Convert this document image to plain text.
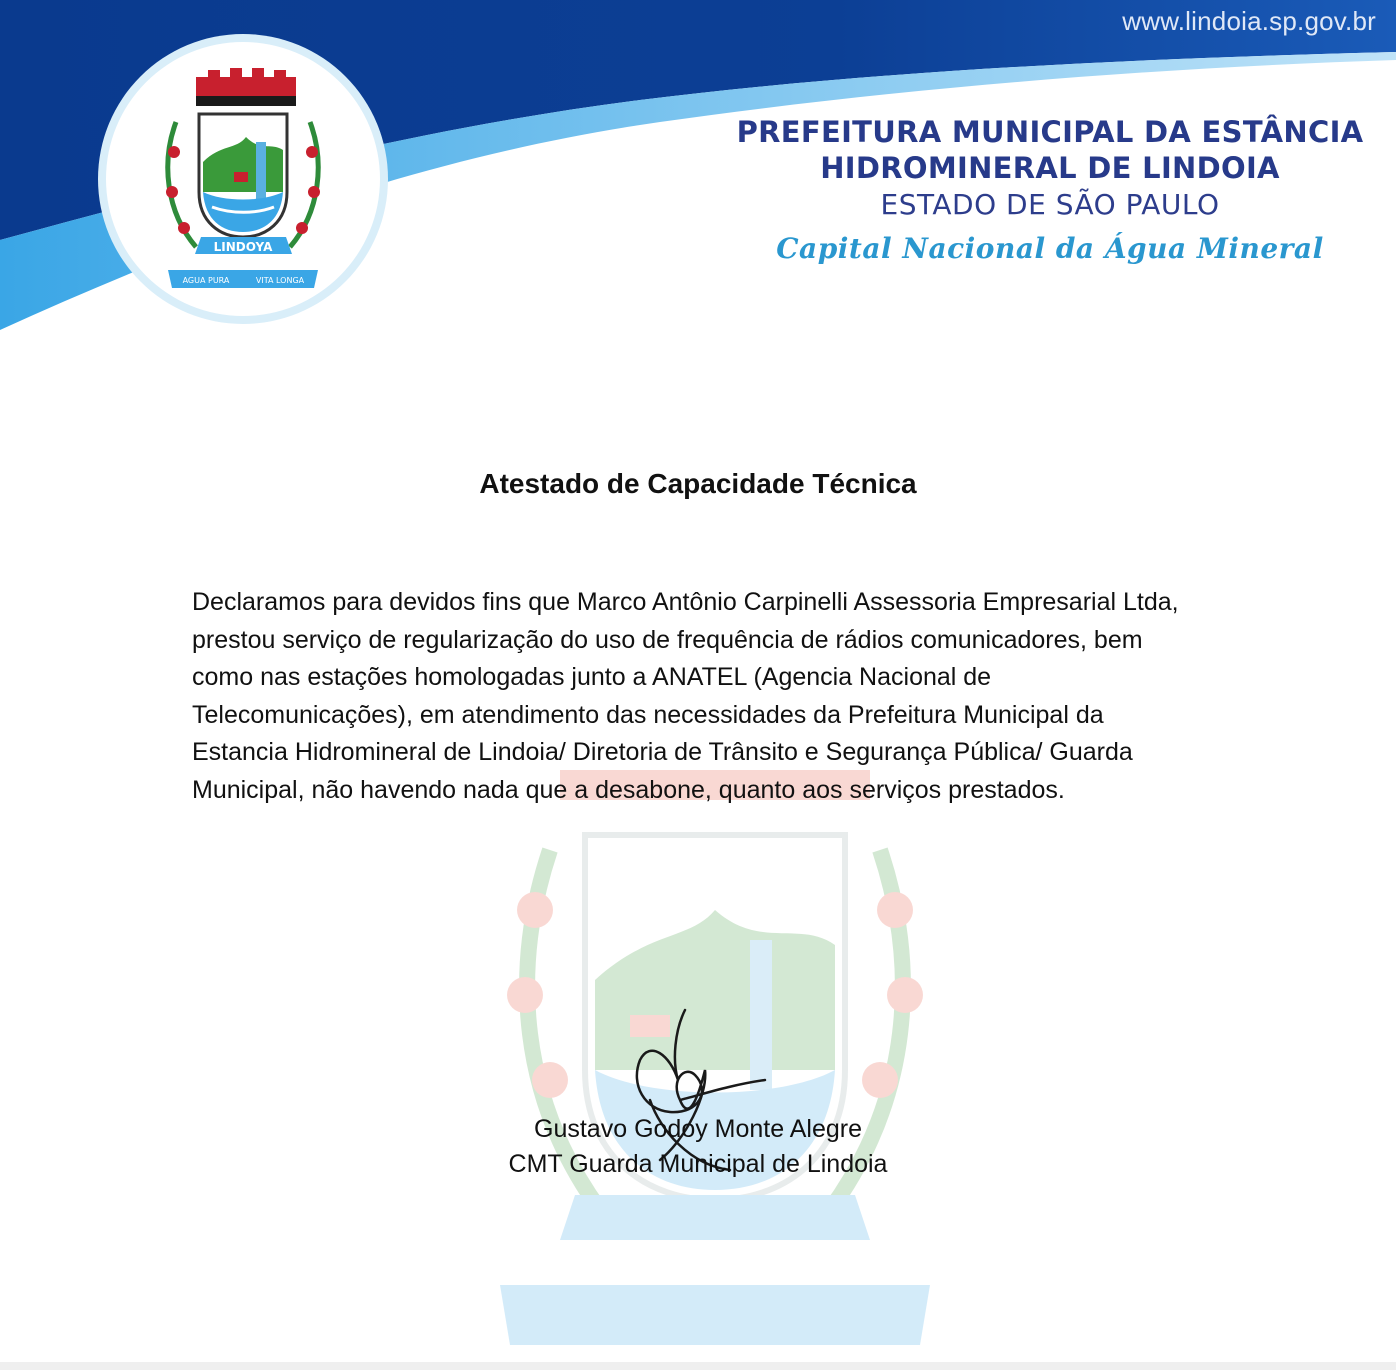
www.lindoia.sp.gov.br
LINDOYA
AGUA PURA	VITA LONGA
PREFEITURA MUNICIPAL DA ESTÂNCIA
HIDROMINERAL DE LINDOIA
ESTADO DE SÃO PAULO
Capital Nacional da Água Mineral
Atestado de Capacidade Técnica
Declaramos para devidos fins que Marco Antônio Carpinelli Assessoria Empresarial Ltda, prestou serviço de regularização do uso de frequência de rádios comunicadores, bem como nas estações homologadas junto a ANATEL (Agencia Nacional de Telecomunicações), em atendimento das necessidades da Prefeitura Municipal da Estancia Hidromineral de Lindoia/ Diretoria de Trânsito e Segurança Pública/ Guarda Municipal, não havendo nada que a desabone, quanto aos serviços prestados.
Gustavo Godoy Monte Alegre
CMT Guarda Municipal de Lindoia
